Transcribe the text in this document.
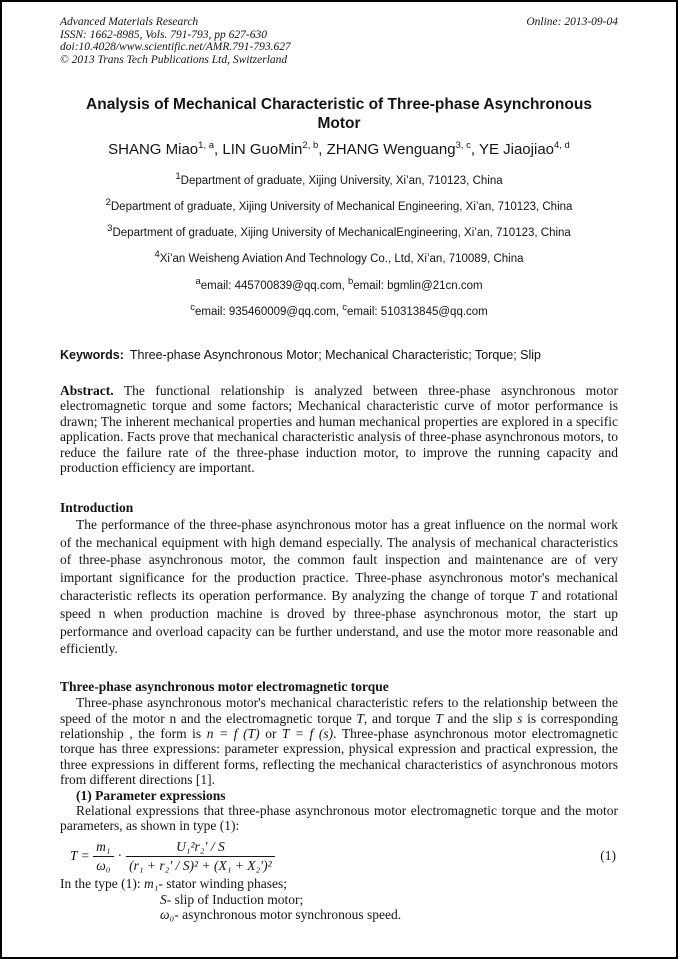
Advanced Materials Research
ISSN: 1662-8985, Vols. 791-793, pp 627-630
doi:10.4028/www.scientific.net/AMR.791-793.627
© 2013 Trans Tech Publications Ltd, Switzerland
Online: 2013-09-04
Analysis of Mechanical Characteristic of Three-phase Asynchronous
Motor
SHANG Miao$^{1, a}$, LIN GuoMin$^{2, b}$, ZHANG Wenguang$^{3, c}$, YE Jiaojiao$^{4, d}$
$^1$Department of graduate, Xijing University, Xi’an, 710123, China
$^2$Department of graduate, Xijing University of Mechanical Engineering, Xi’an, 710123, China
$^3$Department of graduate, Xijing University of MechanicalEngineering, Xi’an, 710123, China
$^4$Xi’an Weisheng Aviation And Technology Co., Ltd, Xi’an, 710089, China
$^a$email: 445700839@qq.com, $^b$email: bgmlin@21cn.com
$^c$email: 935460009@qq.com, $^c$email: 510313845@qq.com
Keywords: Three-phase Asynchronous Motor; Mechanical Characteristic; Torque; Slip

Abstract. The functional relationship is analyzed between three-phase asynchronous motor electromagnetic torque and some factors; Mechanical characteristic curve of motor performance is drawn; The inherent mechanical properties and human mechanical properties are explored in a specific application. Facts prove that mechanical characteristic analysis of three-phase asynchronous motors, to reduce the failure rate of the three-phase induction motor, to improve the running capacity and production efficiency are important.

Introduction

The performance of the three-phase asynchronous motor has a great influence on the normal work of the mechanical equipment with high demand especially. The analysis of mechanical characteristics of three-phase asynchronous motor, the common fault inspection and maintenance are of very important significance for the production practice. Three-phase asynchronous motor's mechanical characteristic reflects its operation performance. By analyzing the change of torque T and rotational speed n when production machine is droved by three-phase asynchronous motor, the start up performance and overload capacity can be further understand, and use the motor more reasonable and efficiently.

Three-phase asynchronous motor electromagnetic torque

Three-phase asynchronous motor's mechanical characteristic refers to the relationship between the speed of the motor n and the electromagnetic torque T, and torque T and the slip s is corresponding relationship , the form is n = f (T) or T = f (s). Three-phase asynchronous motor electromagnetic torque has three expressions: parameter expression, physical expression and practical expression, the three expressions in different forms, reflecting the mechanical characteristics of asynchronous motors from different directions [1].

(1) Parameter expressions

Relational expressions that three-phase asynchronous motor electromagnetic torque and the motor parameters, as shown in type (1):

$T = \frac{\text{m₁}}{\text{ω₀}} \cdot \frac{\text{U₁²r₂′ / S}}{\text{(r₁ + r₂′ / S)² + (X₁ + X₂′)²}}$	(1)
In the type (1): m₁- stator winding phases;
S- slip of Induction motor;
ω₀- asynchronous motor synchronous speed.
